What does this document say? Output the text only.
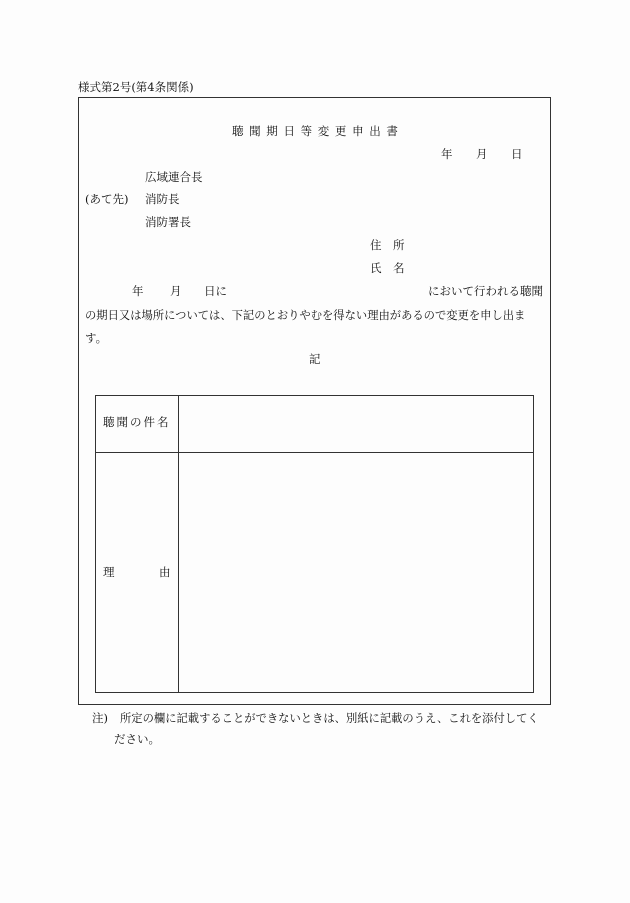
様式第2号(第4条関係)
聴 聞 期 日 等 変 更 申 出 書
年 月 日
広域連合長
(あて先) 消防長
消防署長
住　所
氏　名
年 月 日に	において行われる聴聞
の期日又は場所については、下記のとおりやむを得ない理由があるので変更を申し出ま
す。
記
聴聞の件名
理	由
注) 所定の欄に記載することができないときは、別紙に記載のうえ、これを添付してく
ださい。
